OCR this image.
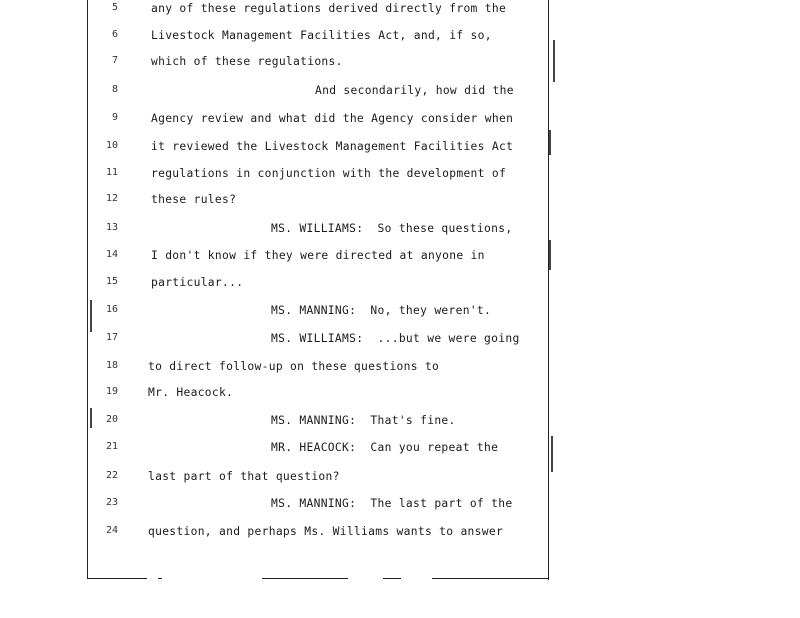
5	any of these regulations derived directly from the
6	Livestock Management Facilities Act, and, if so,
7	which of these regulations.
8	And secondarily, how did the
9	Agency review and what did the Agency consider when
10	it reviewed the Livestock Management Facilities Act
11	regulations in conjunction with the development of
12	these rules?
13	MS. WILLIAMS:  So these questions,
14	I don't know if they were directed at anyone in
15	particular...
16	MS. MANNING:  No, they weren't.
17	MS. WILLIAMS:  ...but we were going
18	to direct follow-up on these questions to
19	Mr. Heacock.
20	MS. MANNING:  That's fine.
21	MR. HEACOCK:  Can you repeat the
22	last part of that question?
23	MS. MANNING:  The last part of the
24	question, and perhaps Ms. Williams wants to answer
